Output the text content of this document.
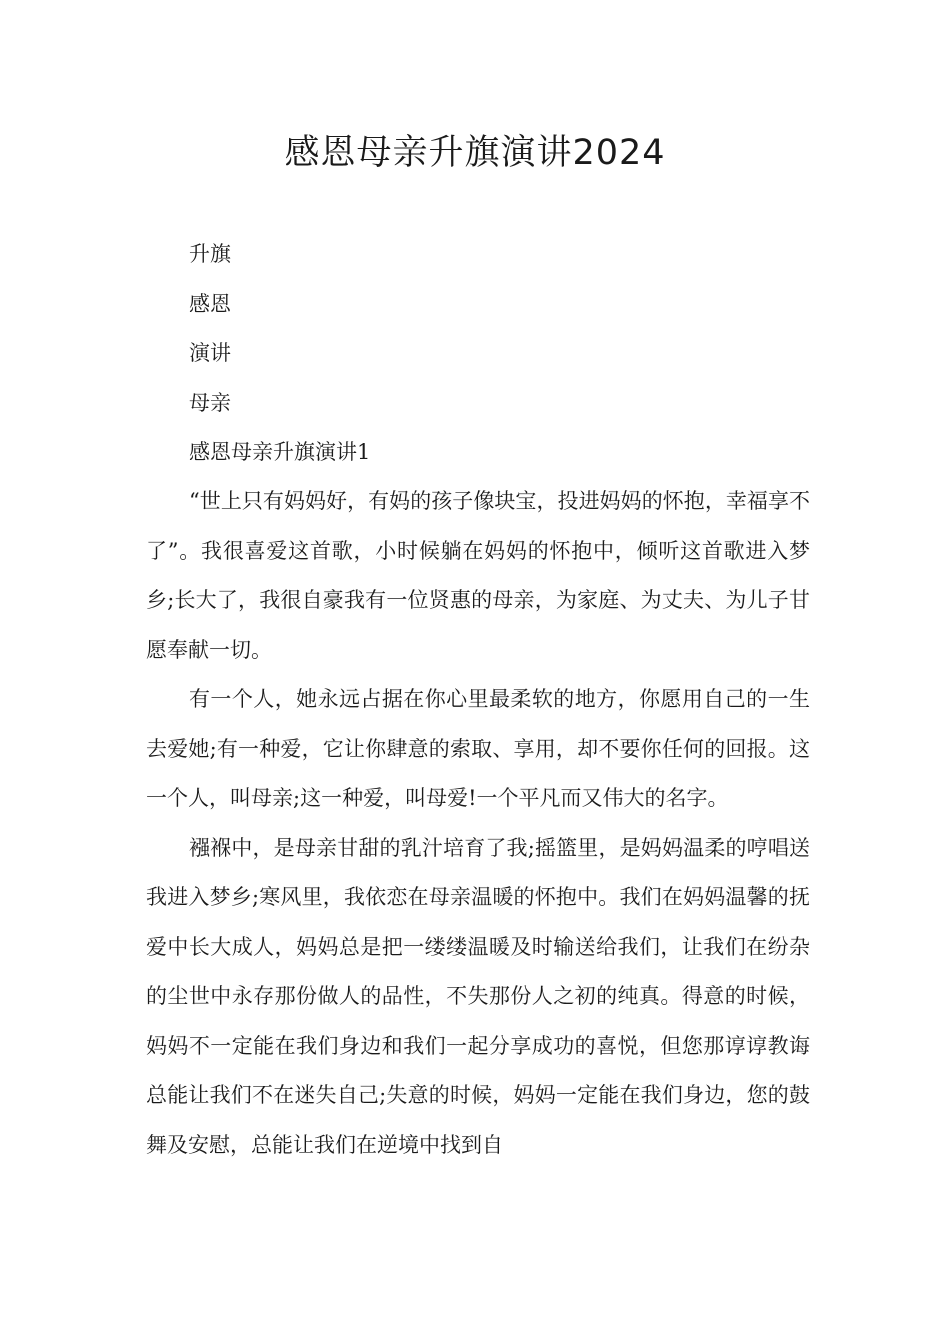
感恩母亲升旗演讲2024
升旗
感恩
演讲
母亲
感恩母亲升旗演讲1

“世上只有妈妈好，有妈的孩子像块宝，投进妈妈的怀抱，幸福享不了”。我很喜爱这首歌，小时候躺在妈妈的怀抱中，倾听这首歌进入梦乡;长大了，我很自豪我有一位贤惠的母亲，为家庭、为丈夫、为儿子甘愿奉献一切。

有一个人，她永远占据在你心里最柔软的地方，你愿用自己的一生去爱她;有一种爱，它让你肆意的索取、享用，却不要你任何的回报。这一个人，叫母亲;这一种爱，叫母爱!一个平凡而又伟大的名字。

襁褓中，是母亲甘甜的乳汁培育了我;摇篮里，是妈妈温柔的哼唱送我进入梦乡;寒风里，我依恋在母亲温暖的怀抱中。我们在妈妈温馨的抚爱中长大成人，妈妈总是把一缕缕温暖及时输送给我们，让我们在纷杂的尘世中永存那份做人的品性，不失那份人之初的纯真。得意的时候，妈妈不一定能在我们身边和我们一起分享成功的喜悦，但您那谆谆教诲总能让我们不在迷失自己;失意的时候，妈妈一定能在我们身边，您的鼓舞及安慰，总能让我们在逆境中找到自
